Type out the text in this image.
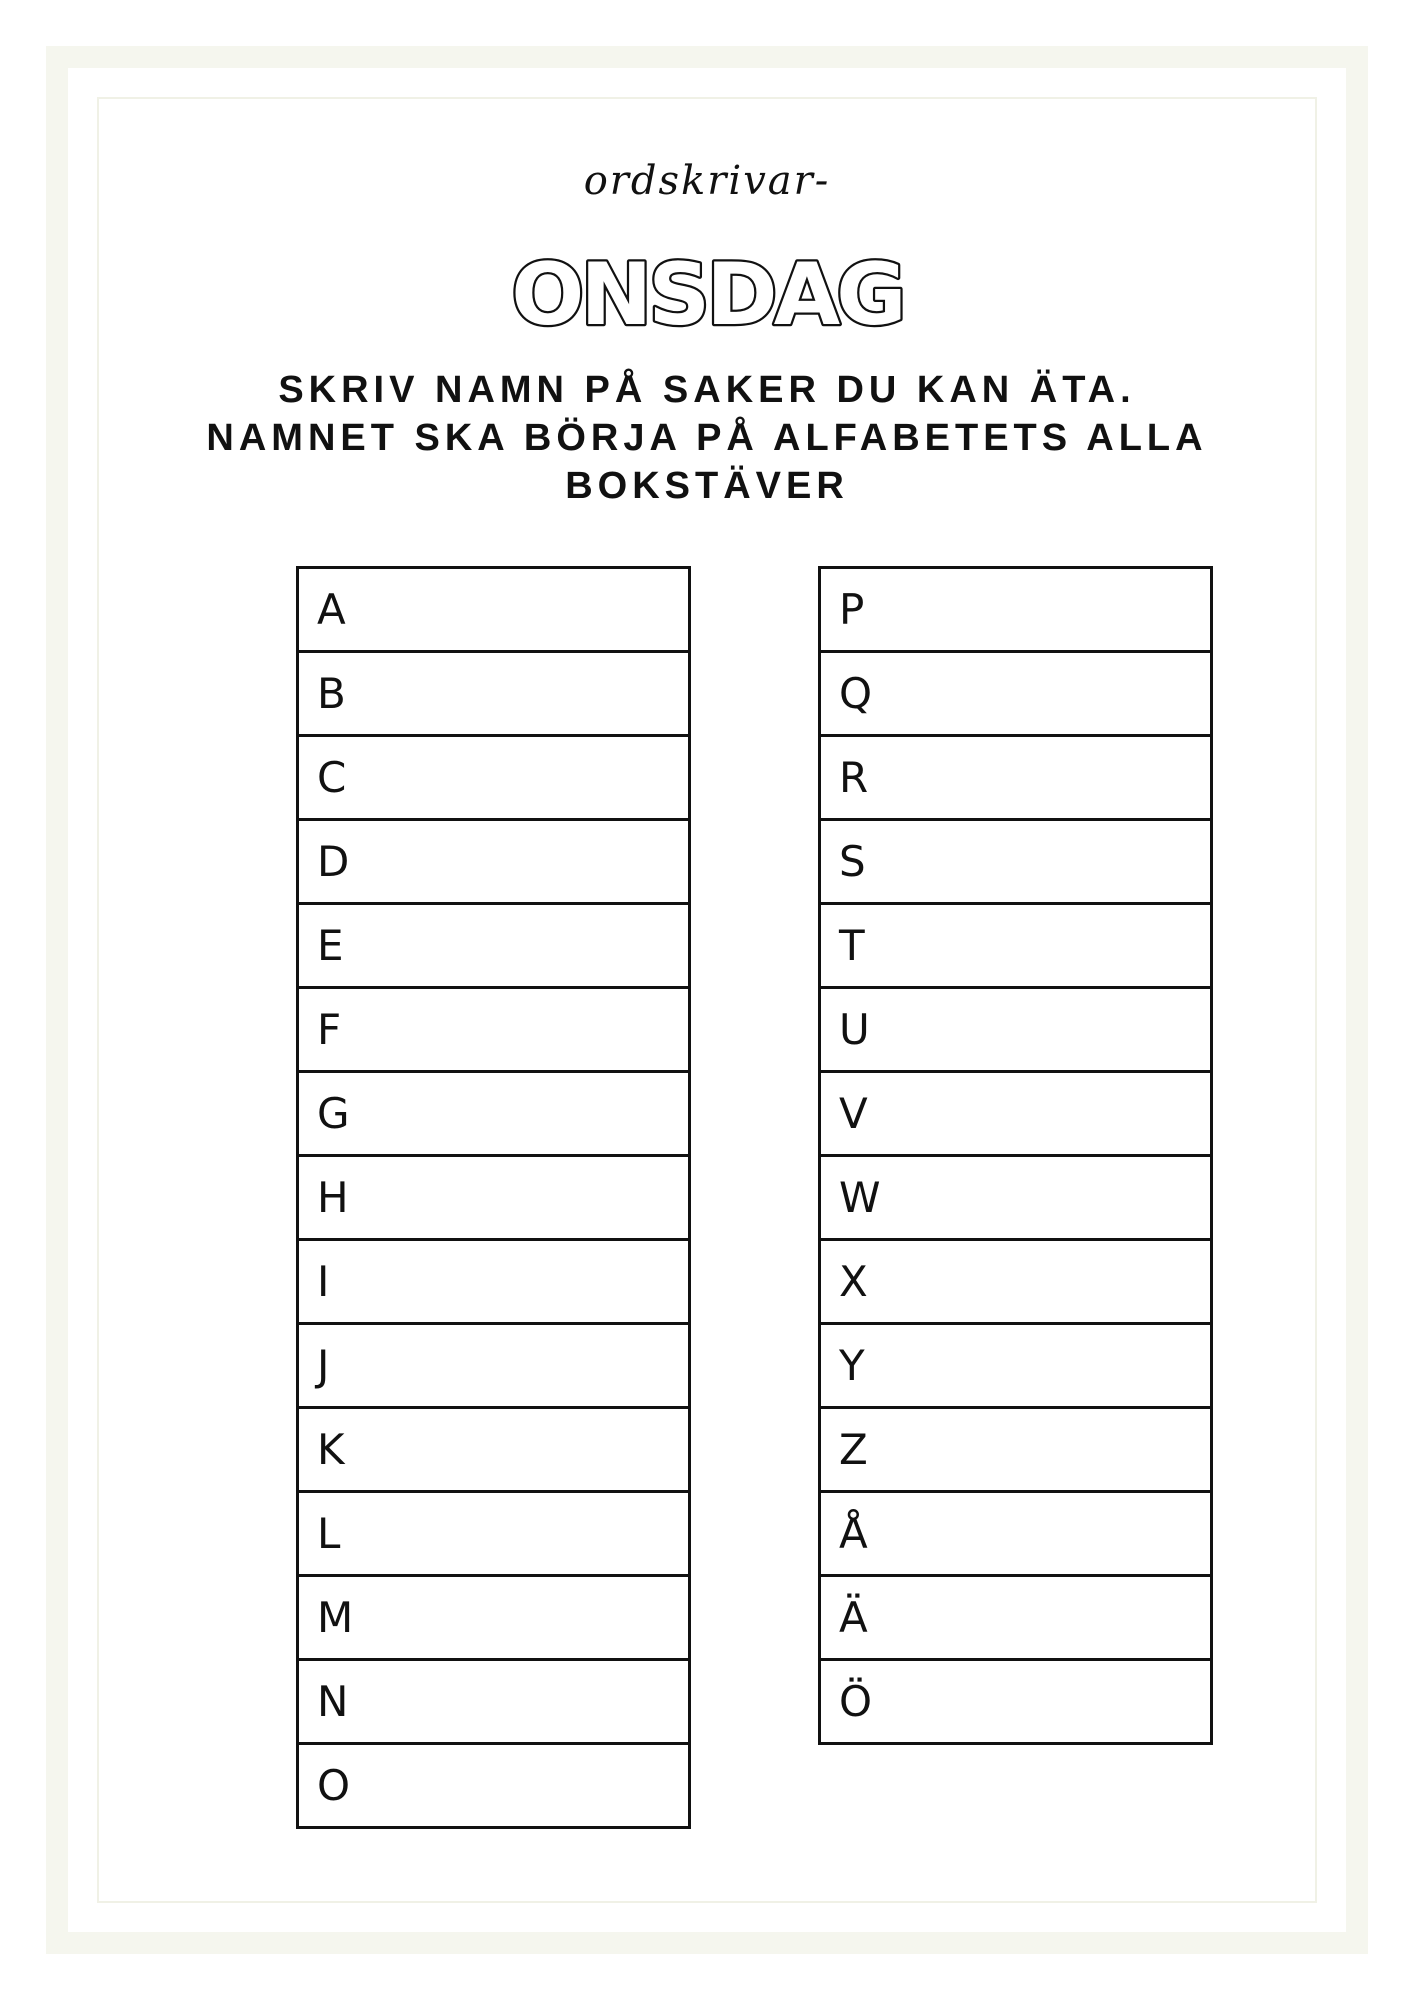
ordskrivar-
ONSDAG
SKRIV NAMN PÅ SAKER DU KAN ÄTA.
NAMNET SKA BÖRJA PÅ ALFABETETS ALLA
BOKSTÄVER
A
B
C
D
E
F
G
H
I
J
K
L
M
N
O
P
Q
R
S
T
U
V
W
X
Y
Z
Å
Ä
Ö
